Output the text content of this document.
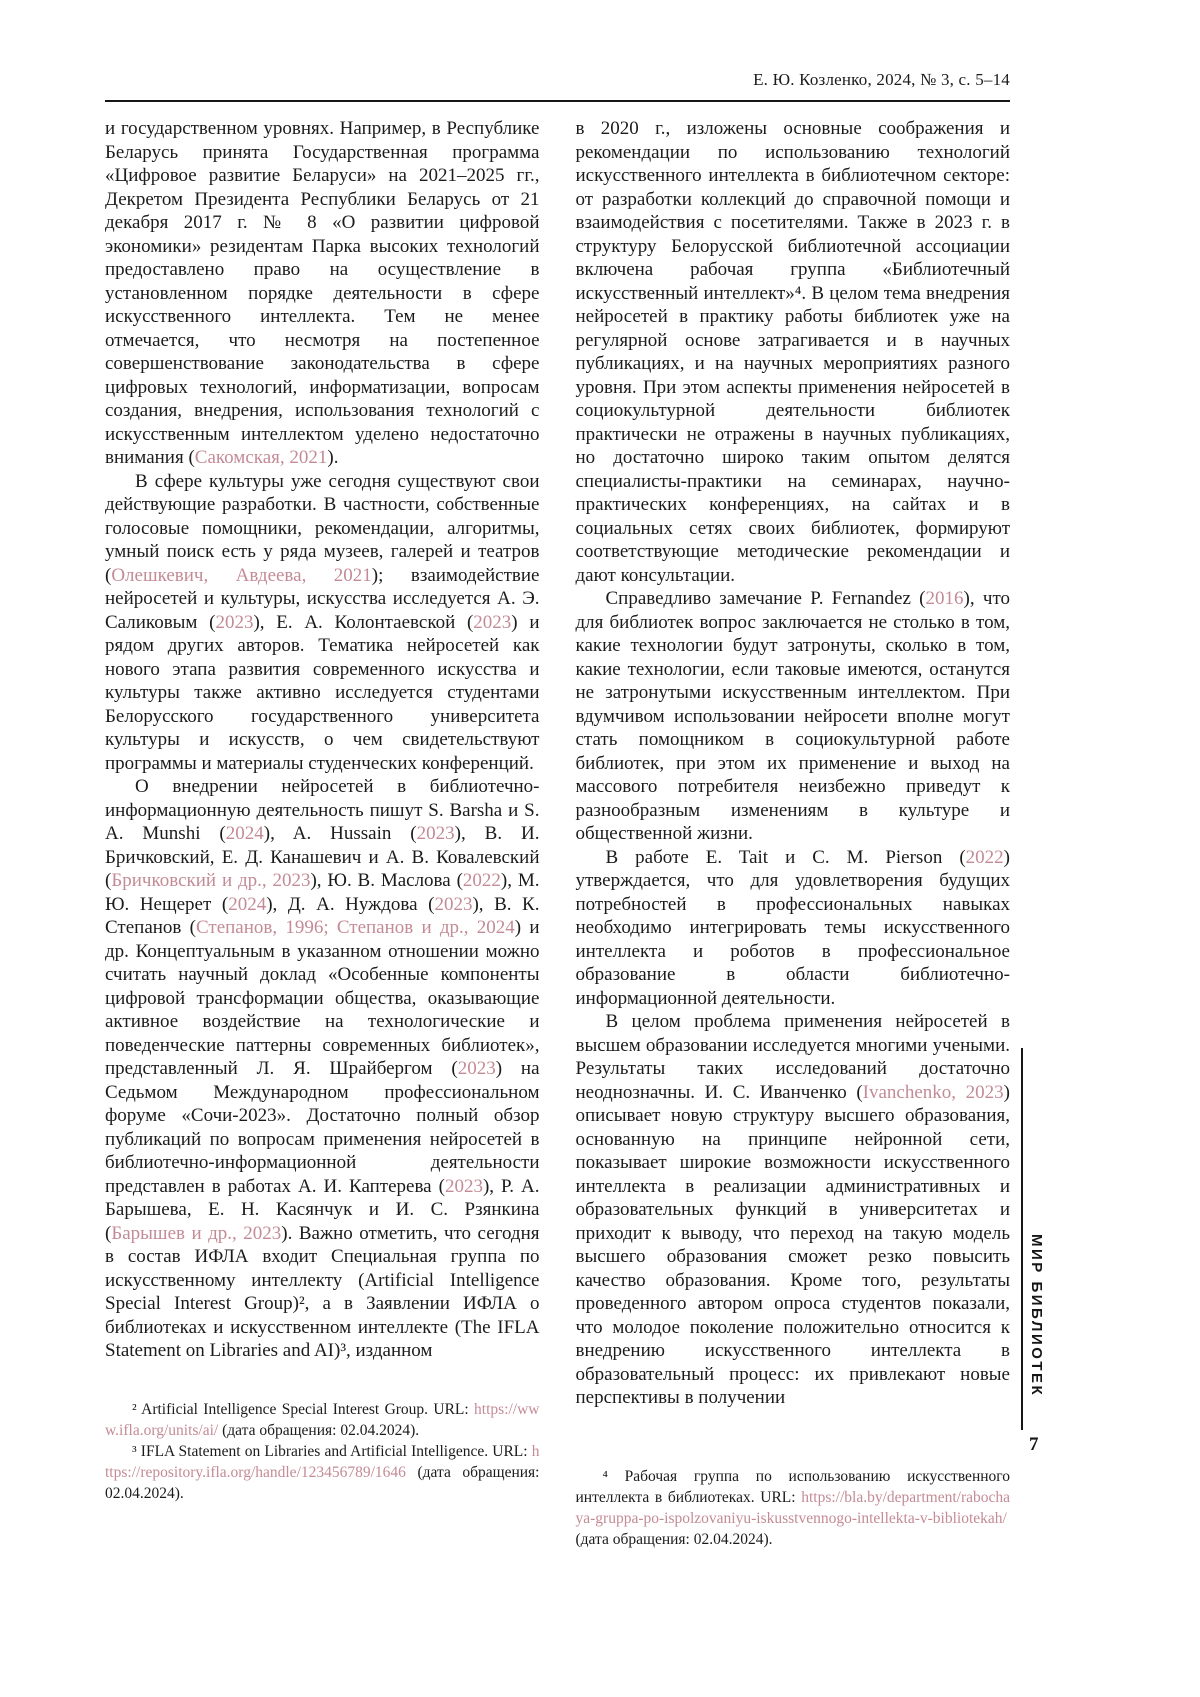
Е. Ю. Козленко, 2024, № 3, с. 5–14

и государственном уровнях. Например, в Республике Беларусь принята Государственная программа «Цифровое развитие Беларуси» на 2021–2025 гг., Декретом Президента Республики Беларусь от 21 декабря 2017 г. № 8 «О развитии цифровой экономики» резидентам Парка высоких технологий предоставлено право на осуществление в установленном порядке деятельности в сфере искусственного интеллекта. Тем не менее отмечается, что несмотря на постепенное совершенствование законодательства в сфере цифровых технологий, информатизации, вопросам создания, внедрения, использования технологий с искусственным интеллектом уделено недостаточно внимания (Сакомская, 2021).

В сфере культуры уже сегодня существуют свои действующие разработки. В частности, собственные голосовые помощники, рекомендации, алгоритмы, умный поиск есть у ряда музеев, галерей и театров (Олешкевич, Авдеева, 2021); взаимодействие нейросетей и культуры, искусства исследуется А. Э. Саликовым (2023), Е. А. Колонтаевской (2023) и рядом других авторов. Тематика нейросетей как нового этапа развития современного искусства и культуры также активно исследуется студентами Белорусского государственного университета культуры и искусств, о чем свидетельствуют программы и материалы студенческих конференций.

О внедрении нейросетей в библиотечно-информационную деятельность пишут S. Barsha и S. A. Munshi (2024), A. Hussain (2023), В. И. Бричковский, Е. Д. Канашевич и А. В. Ковалевский (Бричковский и др., 2023), Ю. В. Маслова (2022), М. Ю. Нещерет (2024), Д. А. Нуждова (2023), В. К. Степанов (Степанов, 1996; Степанов и др., 2024) и др. Концептуальным в указанном отношении можно считать научный доклад «Особенные компоненты цифровой трансформации общества, оказывающие активное воздействие на технологические и поведенческие паттерны современных библиотек», представленный Л. Я. Шрайбергом (2023) на Седьмом Международном профессиональном форуме «Сочи-2023». Достаточно полный обзор публикаций по вопросам применения нейросетей в библиотечно-информационной деятельности представлен в работах А. И. Каптерева (2023), Р. А. Барышева, Е. Н. Касянчук и И. С. Рзянкина (Барышев и др., 2023). Важно отметить, что сегодня в состав ИФЛА входит Специальная группа по искусственному интеллекту (Artificial Intelligence Special Interest Group)², а в Заявлении ИФЛА о библиотеках и искусственном интеллекте (The IFLA Statement on Libraries and AI)³, изданном

² Artificial Intelligence Special Interest Group. URL: https://www.ifla.org/units/ai/ (дата обращения: 02.04.2024).

³ IFLA Statement on Libraries and Artificial Intelligence. URL: https://repository.ifla.org/handle/123456789/1646 (дата обращения: 02.04.2024).

в 2020 г., изложены основные соображения и рекомендации по использованию технологий искусственного интеллекта в библиотечном секторе: от разработки коллекций до справочной помощи и взаимодействия с посетителями. Также в 2023 г. в структуру Белорусской библиотечной ассоциации включена рабочая группа «Библиотечный искусственный интеллект»⁴. В целом тема внедрения нейросетей в практику работы библиотек уже на регулярной основе затрагивается и в научных публикациях, и на научных мероприятиях разного уровня. При этом аспекты применения нейросетей в социокультурной деятельности библиотек практически не отражены в научных публикациях, но достаточно широко таким опытом делятся специалисты-практики на семинарах, научно-практических конференциях, на сайтах и в социальных сетях своих библиотек, формируют соответствующие методические рекомендации и дают консультации.

Справедливо замечание P. Fernandez (2016), что для библиотек вопрос заключается не столько в том, какие технологии будут затронуты, сколько в том, какие технологии, если таковые имеются, останутся не затронутыми искусственным интеллектом. При вдумчивом использовании нейросети вполне могут стать помощником в социокультурной работе библиотек, при этом их применение и выход на массового потребителя неизбежно приведут к разнообразным изменениям в культуре и общественной жизни.

В работе E. Tait и C. M. Pierson (2022) утверждается, что для удовлетворения будущих потребностей в профессиональных навыках необходимо интегрировать темы искусственного интеллекта и роботов в профессиональное образование в области библиотечно-информационной деятельности.

В целом проблема применения нейросетей в высшем образовании исследуется многими учеными. Результаты таких исследований достаточно неоднозначны. И. С. Иванченко (Ivanchenko, 2023) описывает новую структуру высшего образования, основанную на принципе нейронной сети, показывает широкие возможности искусственного интеллекта в реализации административных и образовательных функций в университетах и приходит к выводу, что переход на такую модель высшего образования сможет резко повысить качество образования. Кроме того, результаты проведенного автором опроса студентов показали, что молодое поколение положительно относится к внедрению искусственного интеллекта в образовательный процесс: их привлекают новые перспективы в получении

⁴ Рабочая группа по использованию искусственного интеллекта в библиотеках. URL: https://bla.by/department/rabochaya-gruppa-po-ispolzovaniyu-iskusstvennogo-intellekta-v-bibliotekah/ (дата обращения: 02.04.2024).

МИР БИБЛИОТЕК
7
